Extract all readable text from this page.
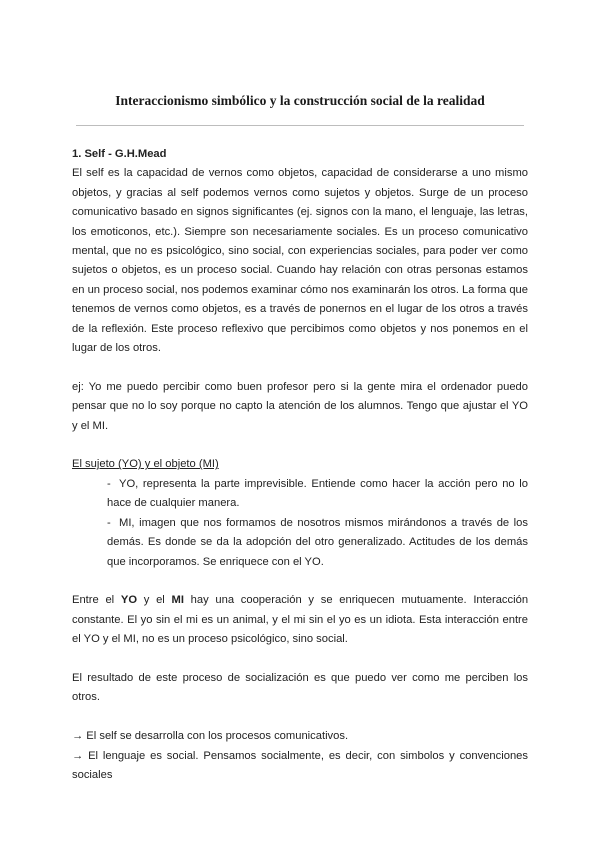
Interaccionismo simbólico y la construcción social de la realidad

1. Self - G.H.Mead

El self es la capacidad de vernos como objetos, capacidad de considerarse a uno mismo objetos, y gracias al self podemos vernos como sujetos y objetos. Surge de un proceso comunicativo basado en signos significantes (ej. signos con la mano, el lenguaje, las letras, los emoticonos, etc.). Siempre son necesariamente sociales. Es un proceso comunicativo mental, que no es psicológico, sino social, con experiencias sociales, para poder ver como sujetos o objetos, es un proceso social. Cuando hay relación con otras personas estamos en un proceso social, nos podemos examinar cómo nos examinarán los otros. La forma que tenemos de vernos como objetos, es a través de ponernos en el lugar de los otros a través de la reflexión. Este proceso reflexivo que percibimos como objetos y nos ponemos en el lugar de los otros.

ej: Yo me puedo percibir como buen profesor pero si la gente mira el ordenador puedo pensar que no lo soy porque no capto la atención de los alumnos. Tengo que ajustar el YO y el MI.

El sujeto (YO) y el objeto (MI)

- YO, representa la parte imprevisible. Entiende como hacer la acción pero no lo hace de cualquier manera.

- MI, imagen que nos formamos de nosotros mismos mirándonos a través de los demás. Es donde se da la adopción del otro generalizado. Actitudes de los demás que incorporamos. Se enriquece con el YO.

Entre el YO y el MI hay una cooperación y se enriquecen mutuamente. Interacción constante. El yo sin el mi es un animal, y el mi sin el yo es un idiota. Esta interacción entre el YO y el MI, no es un proceso psicológico, sino social.

El resultado de este proceso de socialización es que puedo ver como me perciben los otros.

→ El self se desarrolla con los procesos comunicativos.

→ El lenguaje es social. Pensamos socialmente, es decir, con simbolos y convenciones sociales
